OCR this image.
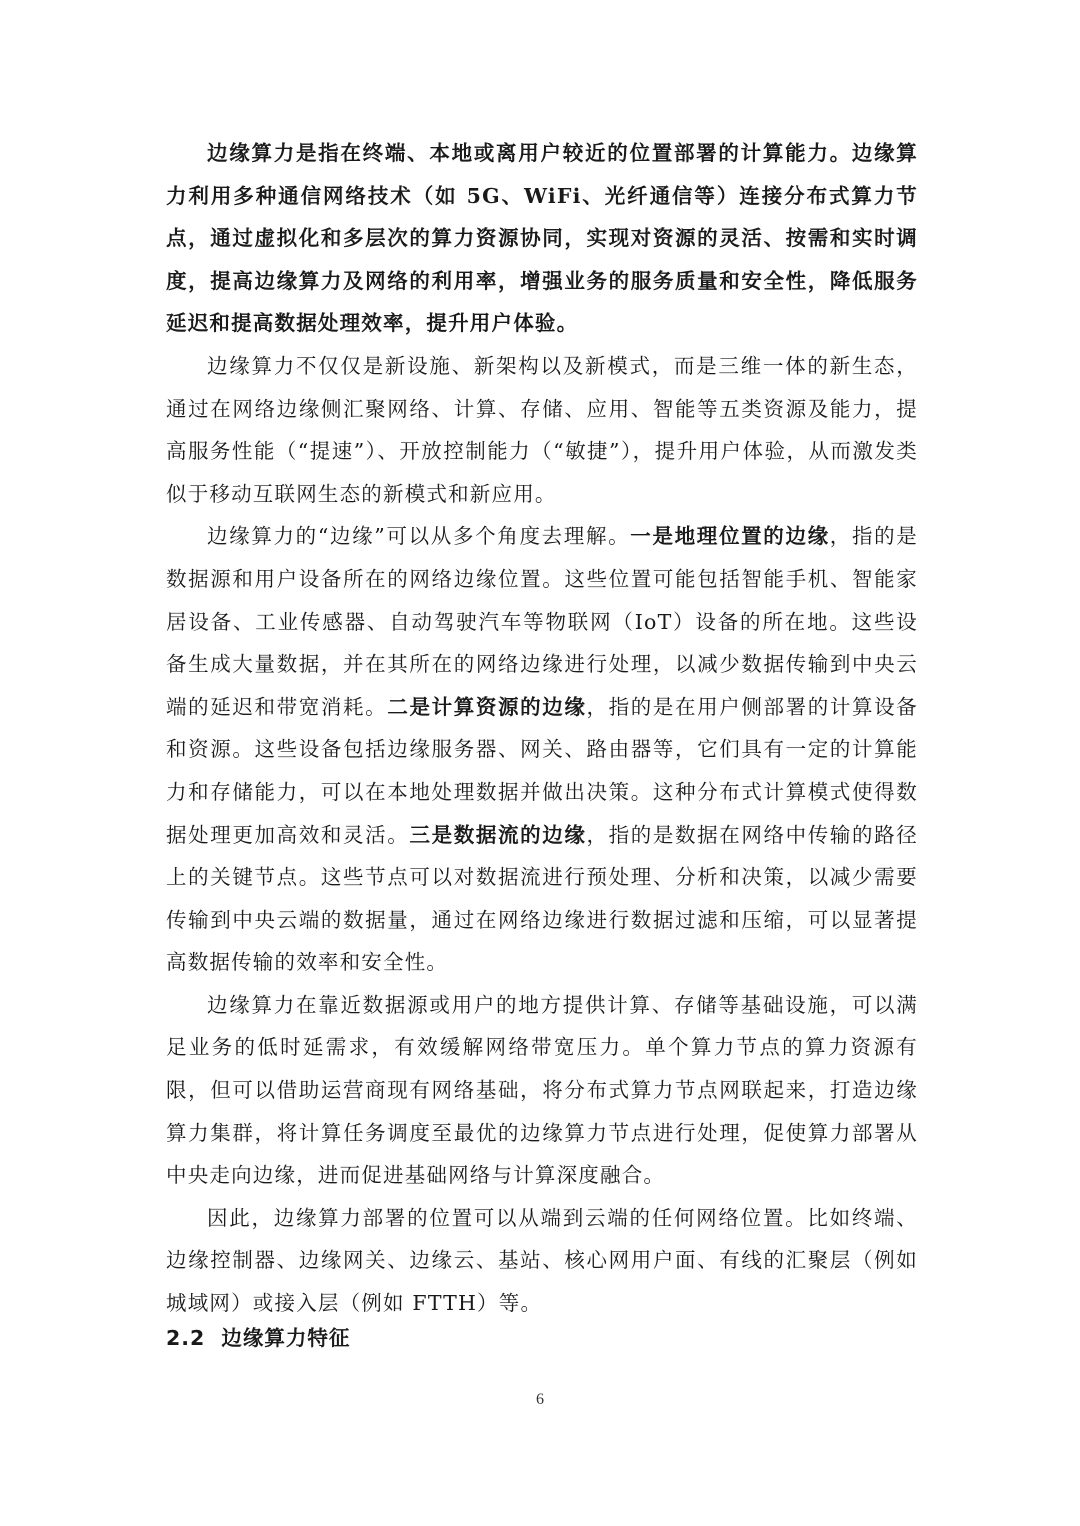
边缘算力是指在终端、本地或离用户较近的位置部署的计算能力。边缘算力利用多种通信网络技术（如 5G、WiFi、光纤通信等）连接分布式算力节点，通过虚拟化和多层次的算力资源协同，实现对资源的灵活、按需和实时调度，提高边缘算力及网络的利用率，增强业务的服务质量和安全性，降低服务延迟和提高数据处理效率，提升用户体验。

边缘算力不仅仅是新设施、新架构以及新模式，而是三维一体的新生态，通过在网络边缘侧汇聚网络、计算、存储、应用、智能等五类资源及能力，提高服务性能（“提速”）、开放控制能力（“敏捷”），提升用户体验，从而激发类似于移动互联网生态的新模式和新应用。

边缘算力的“边缘”可以从多个角度去理解。一是地理位置的边缘，指的是数据源和用户设备所在的网络边缘位置。这些位置可能包括智能手机、智能家居设备、工业传感器、自动驾驶汽车等物联网（IoT）设备的所在地。这些设备生成大量数据，并在其所在的网络边缘进行处理，以减少数据传输到中央云端的延迟和带宽消耗。二是计算资源的边缘，指的是在用户侧部署的计算设备和资源。这些设备包括边缘服务器、网关、路由器等，它们具有一定的计算能力和存储能力，可以在本地处理数据并做出决策。这种分布式计算模式使得数据处理更加高效和灵活。三是数据流的边缘，指的是数据在网络中传输的路径上的关键节点。这些节点可以对数据流进行预处理、分析和决策，以减少需要传输到中央云端的数据量，通过在网络边缘进行数据过滤和压缩，可以显著提高数据传输的效率和安全性。

边缘算力在靠近数据源或用户的地方提供计算、存储等基础设施，可以满足业务的低时延需求，有效缓解网络带宽压力。单个算力节点的算力资源有限，但可以借助运营商现有网络基础，将分布式算力节点网联起来，打造边缘算力集群，将计算任务调度至最优的边缘算力节点进行处理，促使算力部署从中央走向边缘，进而促进基础网络与计算深度融合。

因此，边缘算力部署的位置可以从端到云端的任何网络位置。比如终端、边缘控制器、边缘网关、边缘云、基站、核心网用户面、有线的汇聚层（例如城域网）或接入层（例如 FTTH）等。

2.2 边缘算力特征
6
